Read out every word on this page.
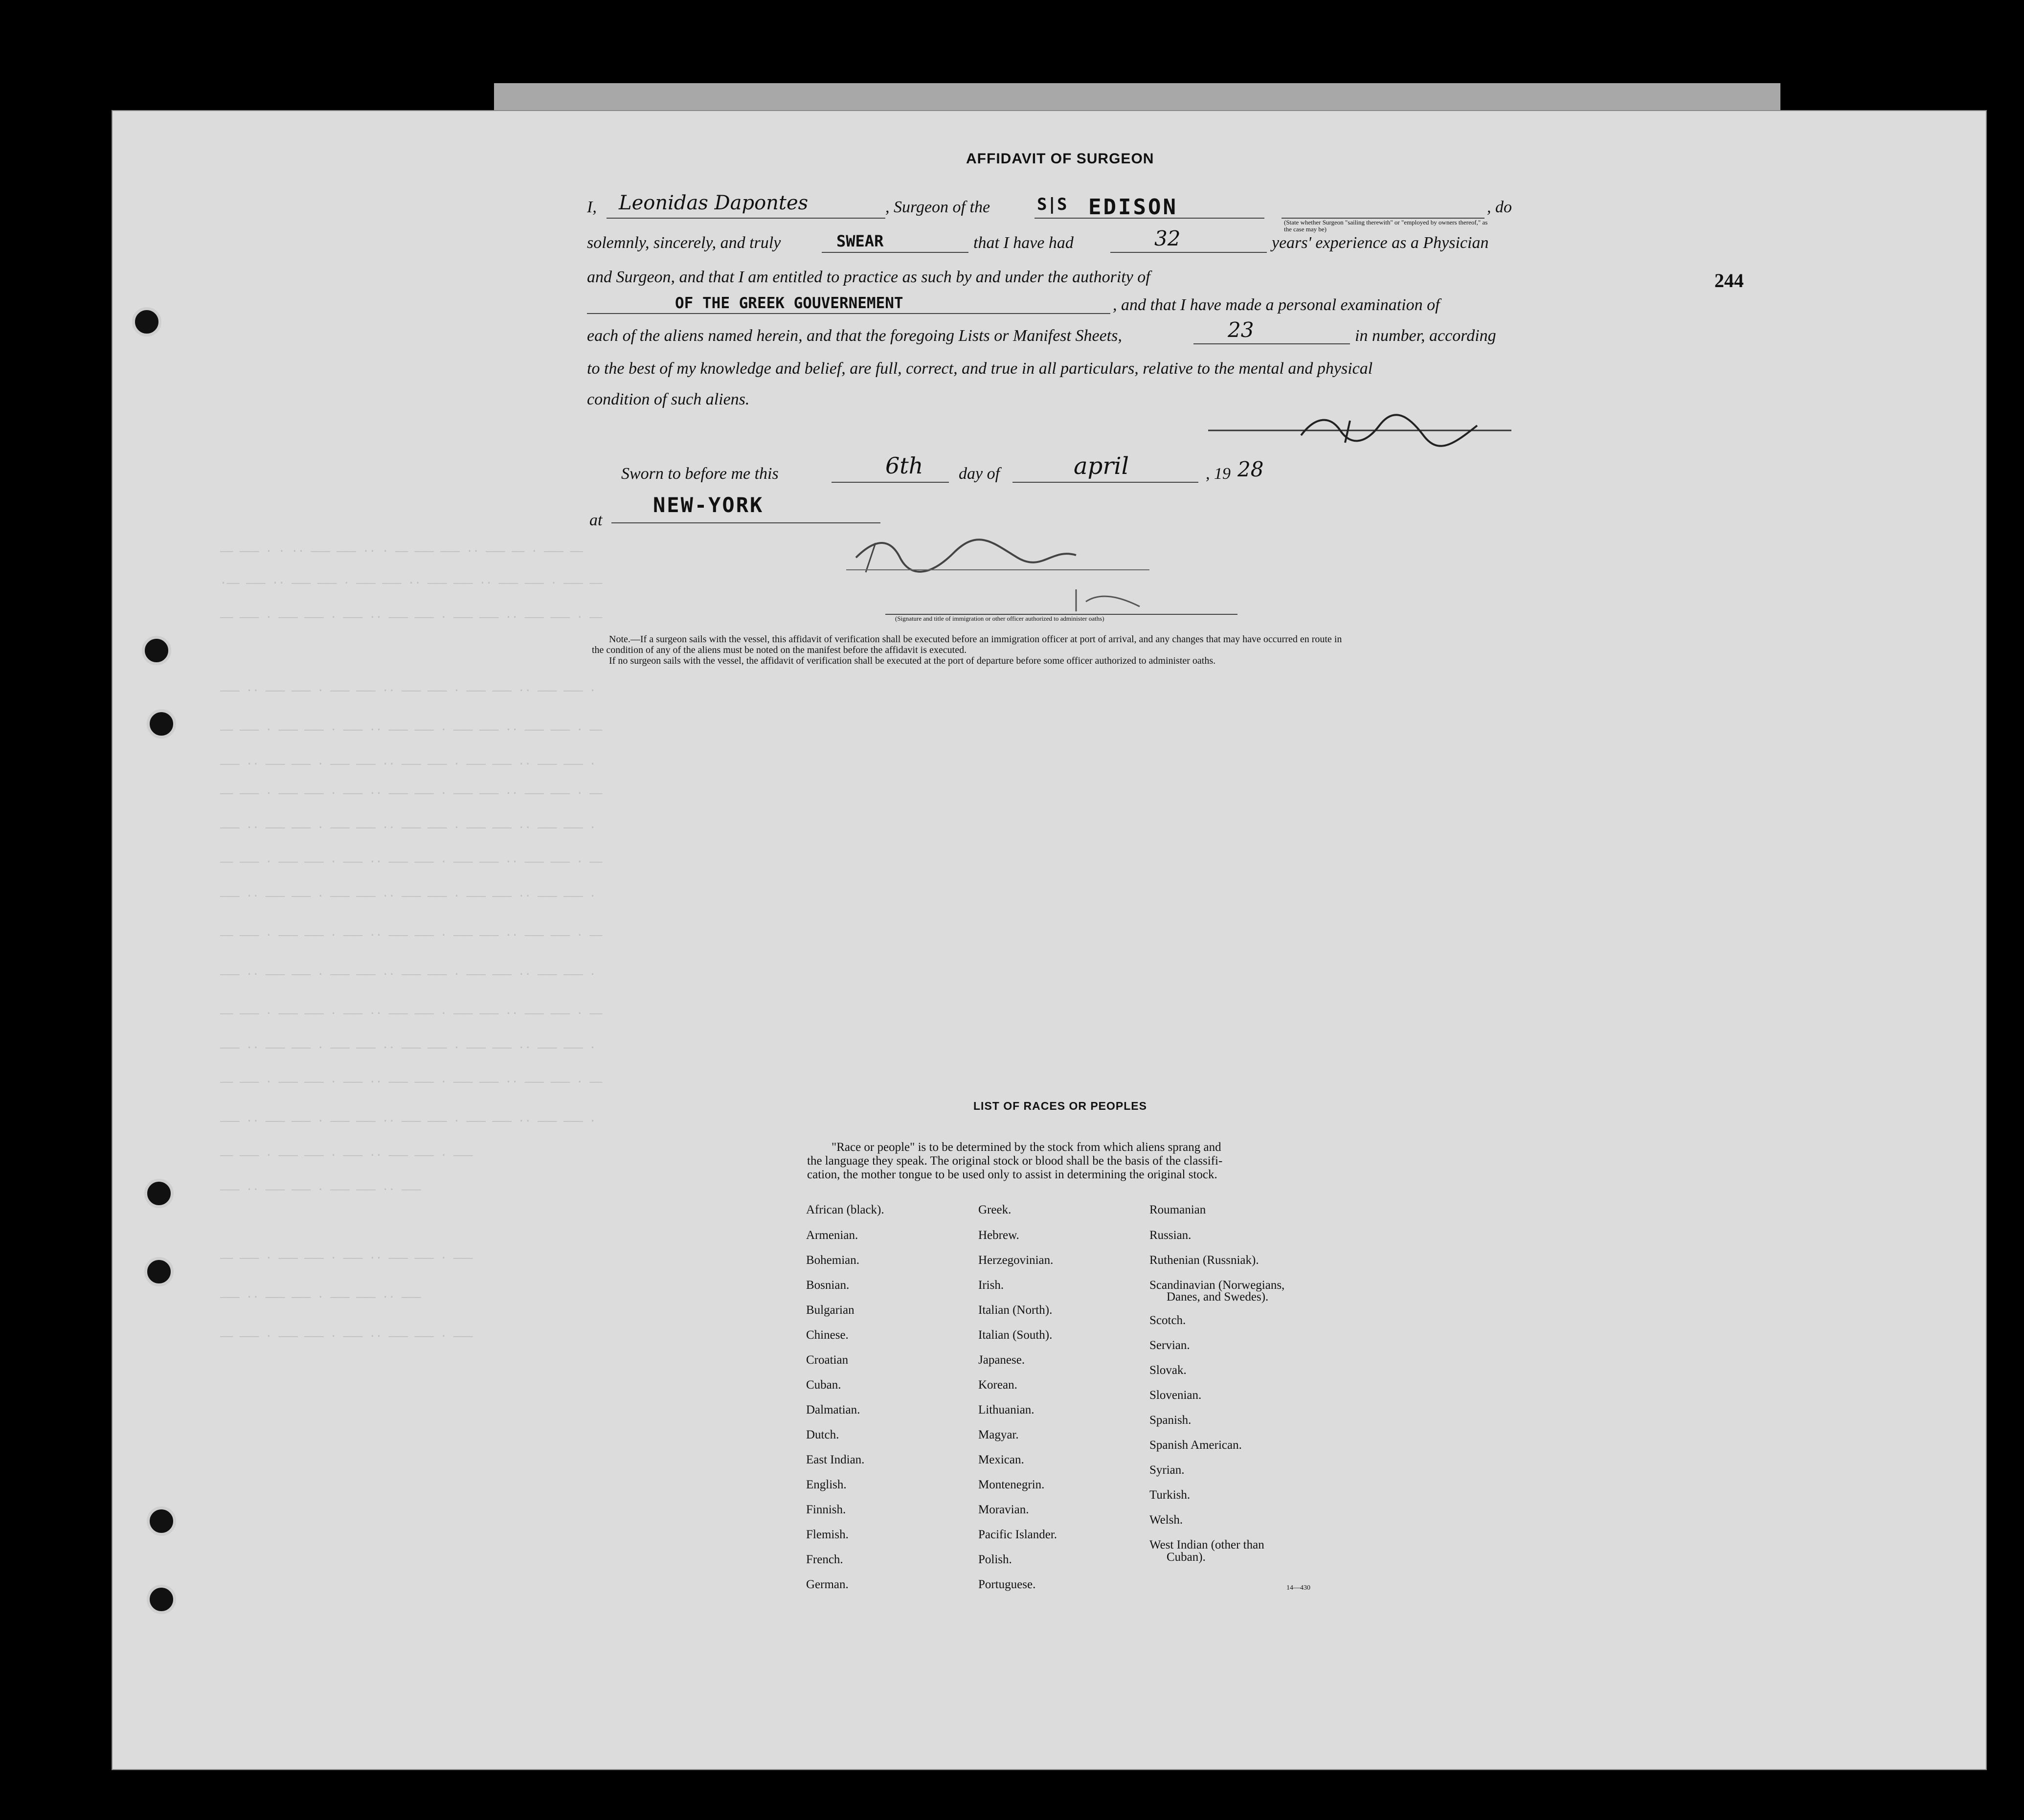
—— ——— · · ·· ——— ——— ·· · —— ——— ——— ·· ——— —— · ——— ——
·—— ——— ·· ——— ——— · ——— ——— ·· ——— ——— ·· ——— ——— · ——— ——
—— ——— · ——— ——— · ——— ·· ——— ——— · ——— ——— ·· ——— ——— · ——
——— ·· ——— ——— · ——— ——— ·· ——— ——— · ——— ——— ·· ——— ——— ·
—— ——— · ——— ——— · ——— ·· ——— ——— · ——— ——— ·· ——— ——— · ——
——— ·· ——— ——— · ——— ——— ·· ——— ——— · ——— ——— ·· ——— ——— ·
—— ——— · ——— ——— · ——— ·· ——— ——— · ——— ——— ·· ——— ——— · ——
——— ·· ——— ——— · ——— ——— ·· ——— ——— · ——— ——— ·· ——— ——— ·
—— ——— · ——— ——— · ——— ·· ——— ——— · ——— ——— ·· ——— ——— · ——
——— ·· ——— ——— · ——— ——— ·· ——— ——— · ——— ——— ·· ——— ——— ·
—— ——— · ——— ——— · ——— ·· ——— ——— · ——— ——— ·· ——— ——— · ——
——— ·· ——— ——— · ——— ——— ·· ——— ——— · ——— ——— ·· ——— ——— ·
—— ——— · ——— ——— · ——— ·· ——— ——— · ——— ——— ·· ——— ——— · ——
——— ·· ——— ——— · ——— ——— ·· ——— ——— · ——— ——— ·· ——— ——— ·
—— ——— · ——— ——— · ——— ·· ——— ——— · ——— ——— ·· ——— ——— · ——
——— ·· ——— ——— · ——— ——— ·· ——— ——— · ——— ——— ·· ——— ——— ·
—— ——— · ——— ——— · ——— ·· ——— ——— · ———
——— ·· ——— ——— · ——— ——— ·· ———
—— ——— · ——— ——— · ——— ·· ——— ——— · ———
——— ·· ——— ——— · ——— ——— ·· ———
—— ——— · ——— ——— · ——— ·· ——— ——— · ———
244
AFFIDAVIT OF SURGEON
I, Leonidas Dapontes	, Surgeon of the	S|S EDISON	, do
(State whether Surgeon "sailing therewith" or "employed by owners thereof," as the case may be)
solemnly, sincerely, and truly	SWEAR	that I have had	32	years' experience as a Physician
and Surgeon, and that I am entitled to practice as such by and under the authority of
OF THE GREEK GOUVERNEMENT	, and that I have made a personal examination of
each of the aliens named herein, and that the foregoing Lists or Manifest Sheets,	23	in number, according
to the best of my knowledge and belief, are full, correct, and true in all particulars, relative to the mental and physical
condition of such aliens.
Sworn to before me this	6th day of	april	, 19 28
at
NEW-YORK
(Signature and title of immigration or other officer authorized to administer oaths)
Note.—If a surgeon sails with the vessel, this affidavit of verification shall be executed before an immigration officer at port of arrival, and any changes that may have occurred en route in
the condition of any of the aliens must be noted on the manifest before the affidavit is executed.
If no surgeon sails with the vessel, the affidavit of verification shall be executed at the port of departure before some officer authorized to administer oaths.
LIST OF RACES OR PEOPLES
"Race or people" is to be determined by the stock from which aliens sprang and
the language they speak. The original stock or blood shall be the basis of the classifi-
cation, the mother tongue to be used only to assist in determining the original stock.
African (black).
Armenian.
Bohemian.
Bosnian.
Bulgarian
Chinese.
Croatian
Cuban.
Dalmatian.
Dutch.
East Indian.
English.
Finnish.
Flemish.
French.
German.
Greek.
Hebrew.
Herzegovinian.
Irish.
Italian (North).
Italian (South).
Japanese.
Korean.
Lithuanian.
Magyar.
Mexican.
Montenegrin.
Moravian.
Pacific Islander.
Polish.
Portuguese.
Roumanian
Russian.
Ruthenian (Russniak).
Scandinavian (Norwegians,
Danes, and Swedes).
Scotch.
Servian.
Slovak.
Slovenian.
Spanish.
Spanish American.
Syrian.
Turkish.
Welsh.
West Indian (other than
Cuban).
14—430
